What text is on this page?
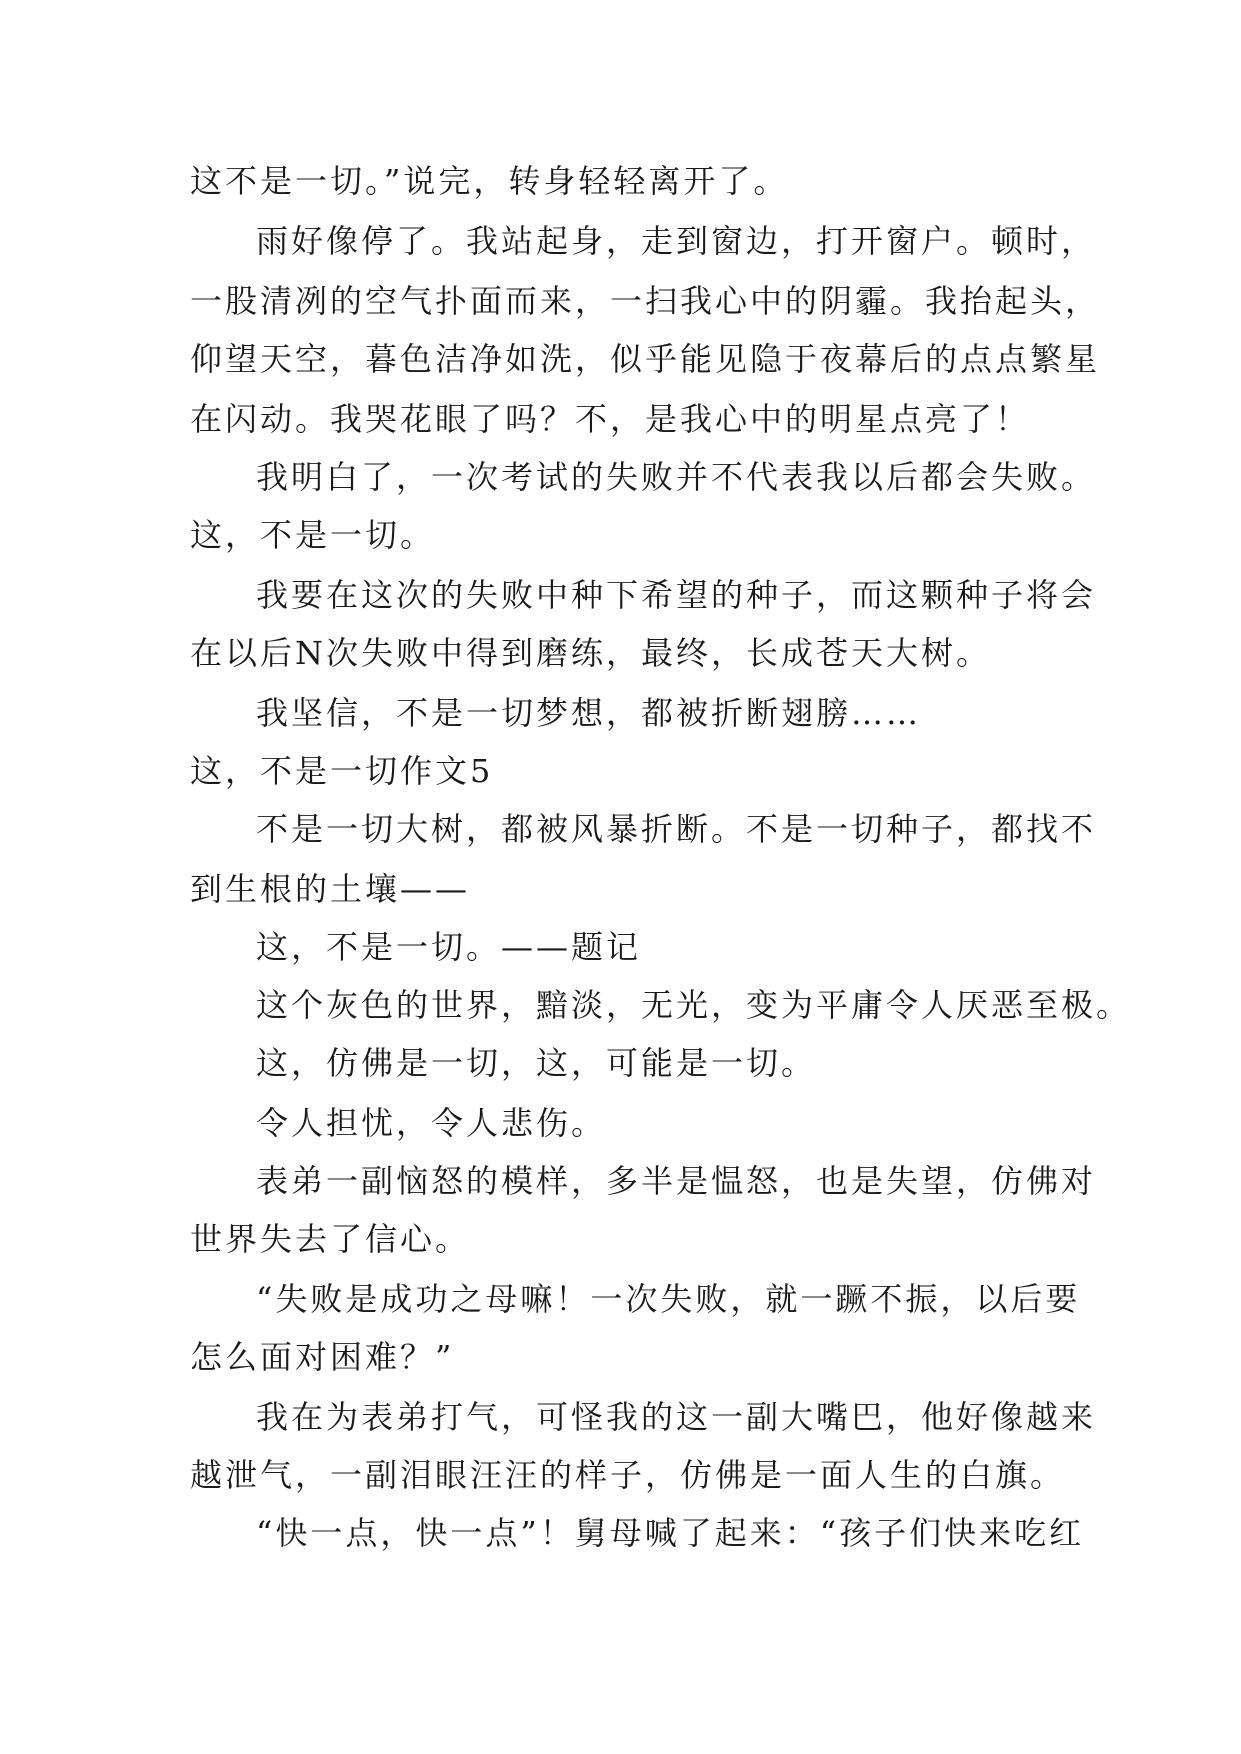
这不是一切。”说完，转身轻轻离开了。

雨好像停了。我站起身，走到窗边，打开窗户。顿时，

一股清冽的空气扑面而来，一扫我心中的阴霾。我抬起头，

仰望天空，暮色洁净如洗，似乎能见隐于夜幕后的点点繁星

在闪动。我哭花眼了吗？不，是我心中的明星点亮了！

我明白了，一次考试的失败并不代表我以后都会失败。

这，不是一切。

我要在这次的失败中种下希望的种子，而这颗种子将会

在以后N次失败中得到磨练，最终，长成苍天大树。

我坚信，不是一切梦想，都被折断翅膀……

这，不是一切作文5

不是一切大树，都被风暴折断。不是一切种子，都找不

到生根的土壤——

这，不是一切。——题记

这个灰色的世界，黯淡，无光，变为平庸令人厌恶至极。

这，仿佛是一切，这，可能是一切。

令人担忧，令人悲伤。

表弟一副恼怒的模样，多半是愠怒，也是失望，仿佛对

世界失去了信心。

“失败是成功之母嘛！一次失败，就一蹶不振，以后要

怎么面对困难？”

我在为表弟打气，可怪我的这一副大嘴巴，他好像越来

越泄气，一副泪眼汪汪的样子，仿佛是一面人生的白旗。

“快一点，快一点”！舅母喊了起来：“孩子们快来吃红
